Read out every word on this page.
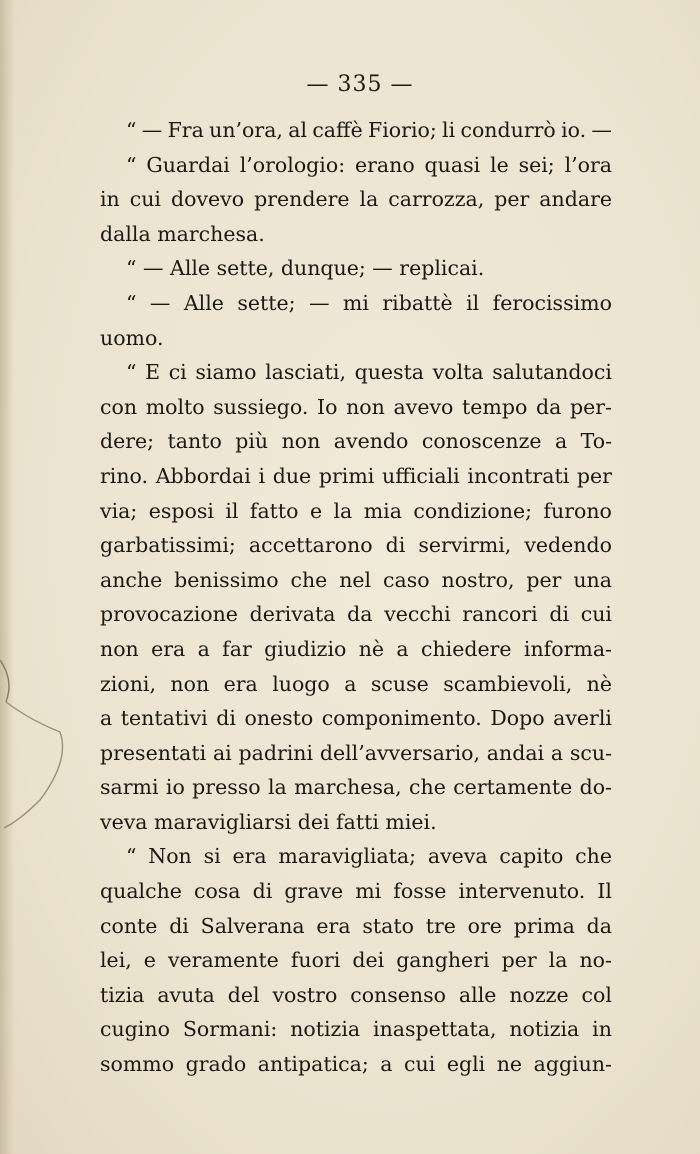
— 335 —
“ — Fra un’ora, al caffè Fiorio; li condurrò io. —
“ Guardai l’orologio: erano quasi le sei; l’ora
in cui dovevo prendere la carrozza, per andare
dalla marchesa.
“ — Alle sette, dunque; — replicai.
“ — Alle sette; — mi ribattè il ferocissimo
uomo.
“ E ci siamo lasciati, questa volta salutandoci
con molto sussiego. Io non avevo tempo da per-
dere; tanto più non avendo conoscenze a To-
rino. Abbordai i due primi ufficiali incontrati per
via; esposi il fatto e la mia condizione; furono
garbatissimi; accettarono di servirmi, vedendo
anche benissimo che nel caso nostro, per una
provocazione derivata da vecchi rancori di cui
non era a far giudizio nè a chiedere informa-
zioni, non era luogo a scuse scambievoli, nè
a tentativi di onesto componimento. Dopo averli
presentati ai padrini dell’avversario, andai a scu-
sarmi io presso la marchesa, che certamente do-
veva maravigliarsi dei fatti miei.
“ Non si era maravigliata; aveva capito che
qualche cosa di grave mi fosse intervenuto. Il
conte di Salverana era stato tre ore prima da
lei, e veramente fuori dei gangheri per la no-
tizia avuta del vostro consenso alle nozze col
cugino Sormani: notizia inaspettata, notizia in
sommo grado antipatica; a cui egli ne aggiun-
